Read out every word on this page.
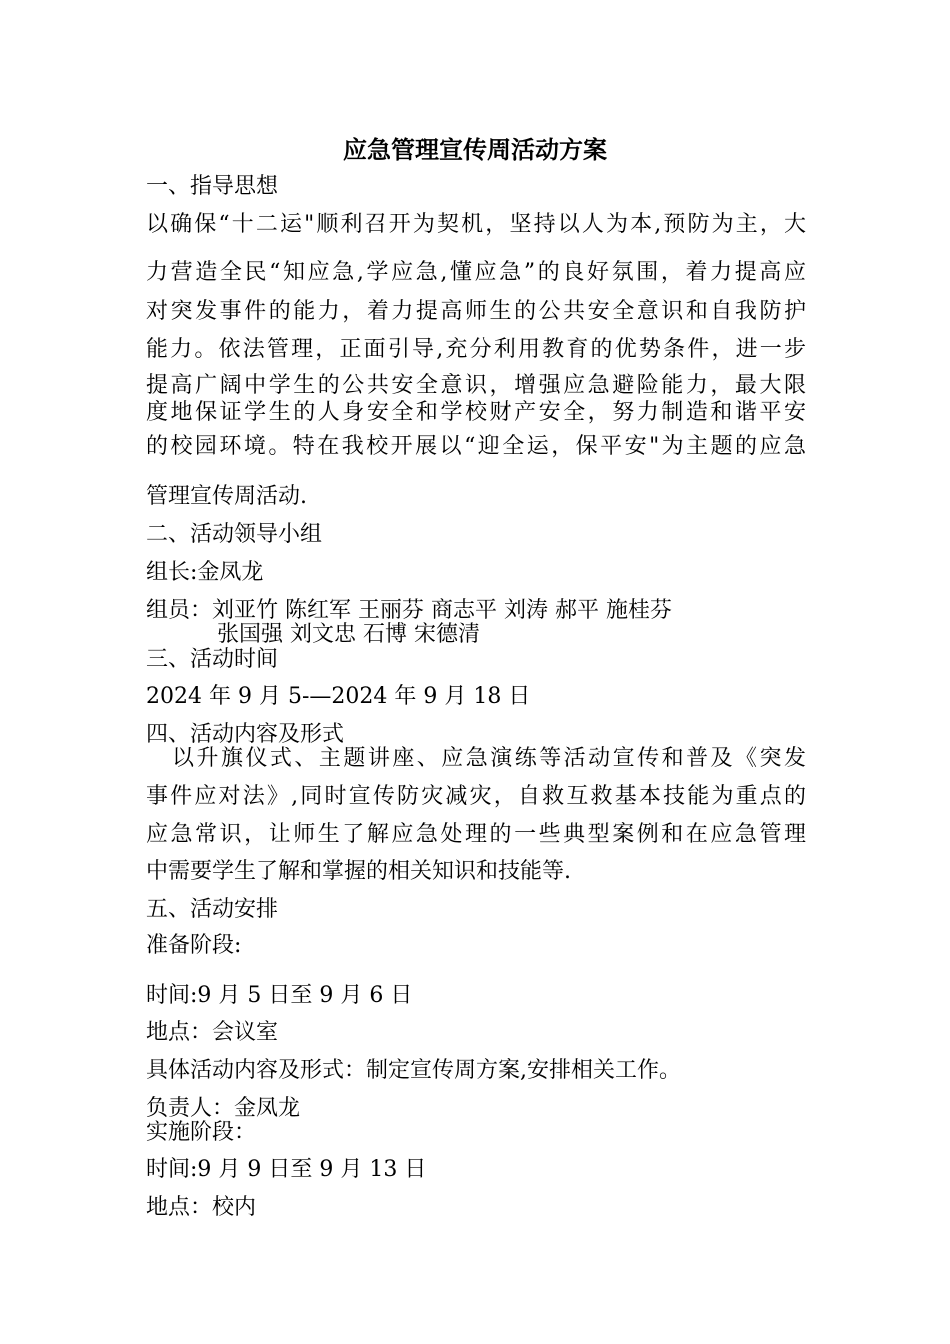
应急管理宣传周活动方案
一、指导思想
以确保“十二运"顺利召开为契机，坚持以人为本,预防为主，大
力营造全民“知应急,学应急,懂应急”的良好氛围，着力提高应
对突发事件的能力，着力提高师生的公共安全意识和自我防护
能力。依法管理，正面引导,充分利用教育的优势条件，进一步
提高广阔中学生的公共安全意识，增强应急避险能力，最大限
度地保证学生的人身安全和学校财产安全，努力制造和谐平安
的校园环境。特在我校开展以“迎全运，保平安"为主题的应急
管理宣传周活动.
二、活动领导小组
组长:金凤龙
组员：刘亚竹 陈红军 王丽芬 商志平 刘涛 郝平 施桂芬
张国强 刘文忠 石博 宋德清
三、活动时间
2024 年 9 月 5-—2024 年 9 月 18 日
四、活动内容及形式
以升旗仪式、主题讲座、应急演练等活动宣传和普及《突发
事件应对法》,同时宣传防灾减灾，自救互救基本技能为重点的
应急常识，让师生了解应急处理的一些典型案例和在应急管理
中需要学生了解和掌握的相关知识和技能等.
五、活动安排
准备阶段:
时间:9 月 5 日至 9 月 6 日
地点：会议室
具体活动内容及形式：制定宣传周方案,安排相关工作。
负责人：金凤龙
实施阶段：
时间:9 月 9 日至 9 月 13 日
地点：校内
